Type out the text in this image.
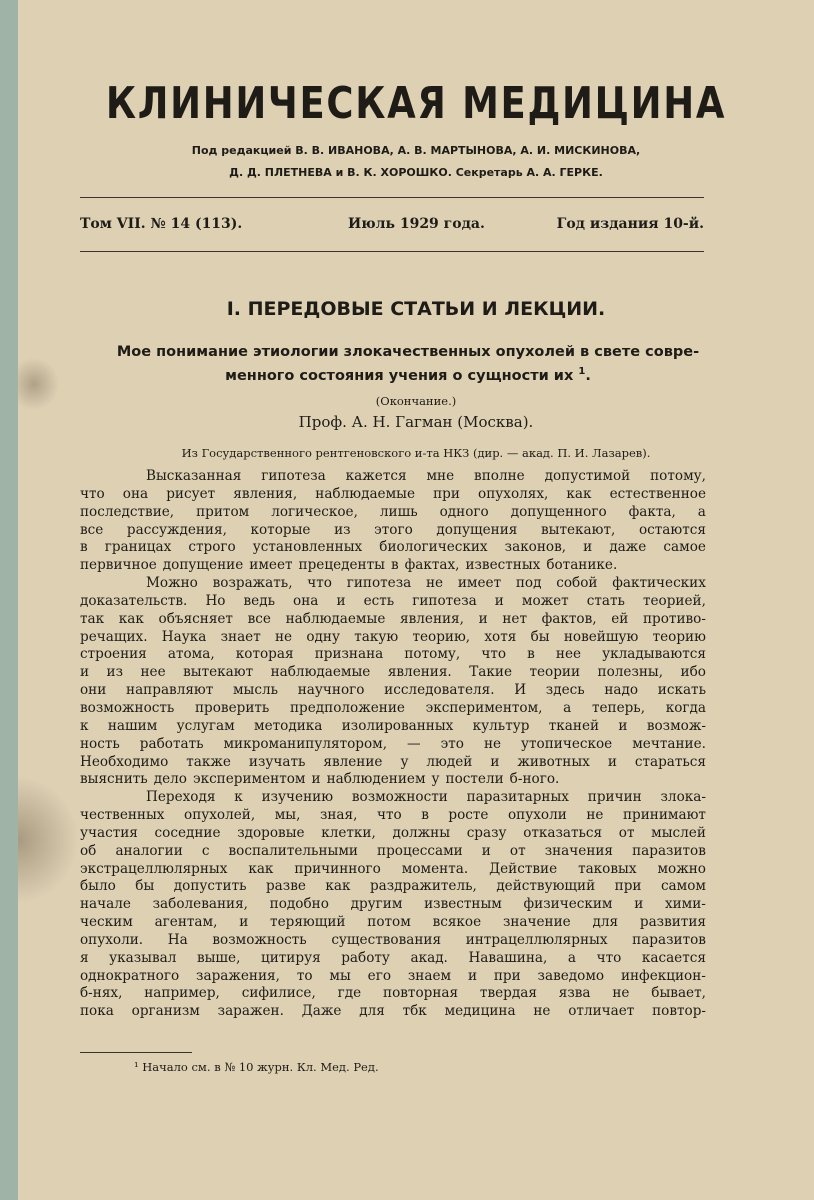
КЛИНИЧЕСКАЯ МЕДИЦИНА
Под редакцией В. В. ИВАНОВА, А. В. МАРТЫНОВА, А. И. МИСКИНОВА,
Д. Д. ПЛЕТНЕВА и В. К. ХОРОШКО. Секретарь А. А. ГЕРКЕ.
Том VII. № 14 (113).	Июль 1929 года.	Год издания 10-й.
I. ПЕРЕДОВЫЕ СТАТЬИ И ЛЕКЦИИ.
Мое понимание этиологии злокачественных опухолей в свете совре-
менного состояния учения о сущности их $^1$.
(Окончание.)
Проф. А. Н. Гагман (Москва).
Из Государственного рентгеновского и-та НКЗ (дир. — акад. П. И. Лазарев).
Высказанная гипотеза кажется мне вполне допустимой потому,
что она рисует явления, наблюдаемые при опухолях, как естественное
последствие, притом логическое, лишь одного допущенного факта, а
все рассуждения, которые из этого допущения вытекают, остаются
в границах строго установленных биологических законов, и даже самое
первичное допущение имеет прецеденты в фактах, известных ботанике.
Можно возражать, что гипотеза не имеет под собой фактических
доказательств. Но ведь она и есть гипотеза и может стать теорией,
так как объясняет все наблюдаемые явления, и нет фактов, ей противо-
речащих. Наука знает не одну такую теорию, хотя бы новейшую теорию
строения атома, которая признана потому, что в нее укладываются
и из нее вытекают наблюдаемые явления. Такие теории полезны, ибо
они направляют мысль научного исследователя. И здесь надо искать
возможность проверить предположение экспериментом, а теперь, когда
к нашим услугам методика изолированных культур тканей и возмож-
ность работать микроманипулятором, — это не утопическое мечтание.
Необходимо также изучать явление у людей и животных и стараться
выяснить дело экспериментом и наблюдением у постели б-ного.
Переходя к изучению возможности паразитарных причин злока-
чественных опухолей, мы, зная, что в росте опухоли не принимают
участия соседние здоровые клетки, должны сразу отказаться от мыслей
об аналогии с воспалительными процессами и от значения паразитов
экстрацеллюлярных как причинного момента. Действие таковых можно
было бы допустить разве как раздражитель, действующий при самом
начале заболевания, подобно другим известным физическим и хими-
ческим агентам, и теряющий потом всякое значение для развития
опухоли. На возможность существования интрацеллюлярных паразитов
я указывал выше, цитируя работу акад. Навашина, а что касается
однократного заражения, то мы его знаем и при заведомо инфекцион-
б-нях, например, сифилисе, где повторная твердая язва не бывает,
пока организм заражен. Даже для тбк медицина не отличает повтор-
¹ Начало см. в № 10 журн. Кл. Мед. Ред.
